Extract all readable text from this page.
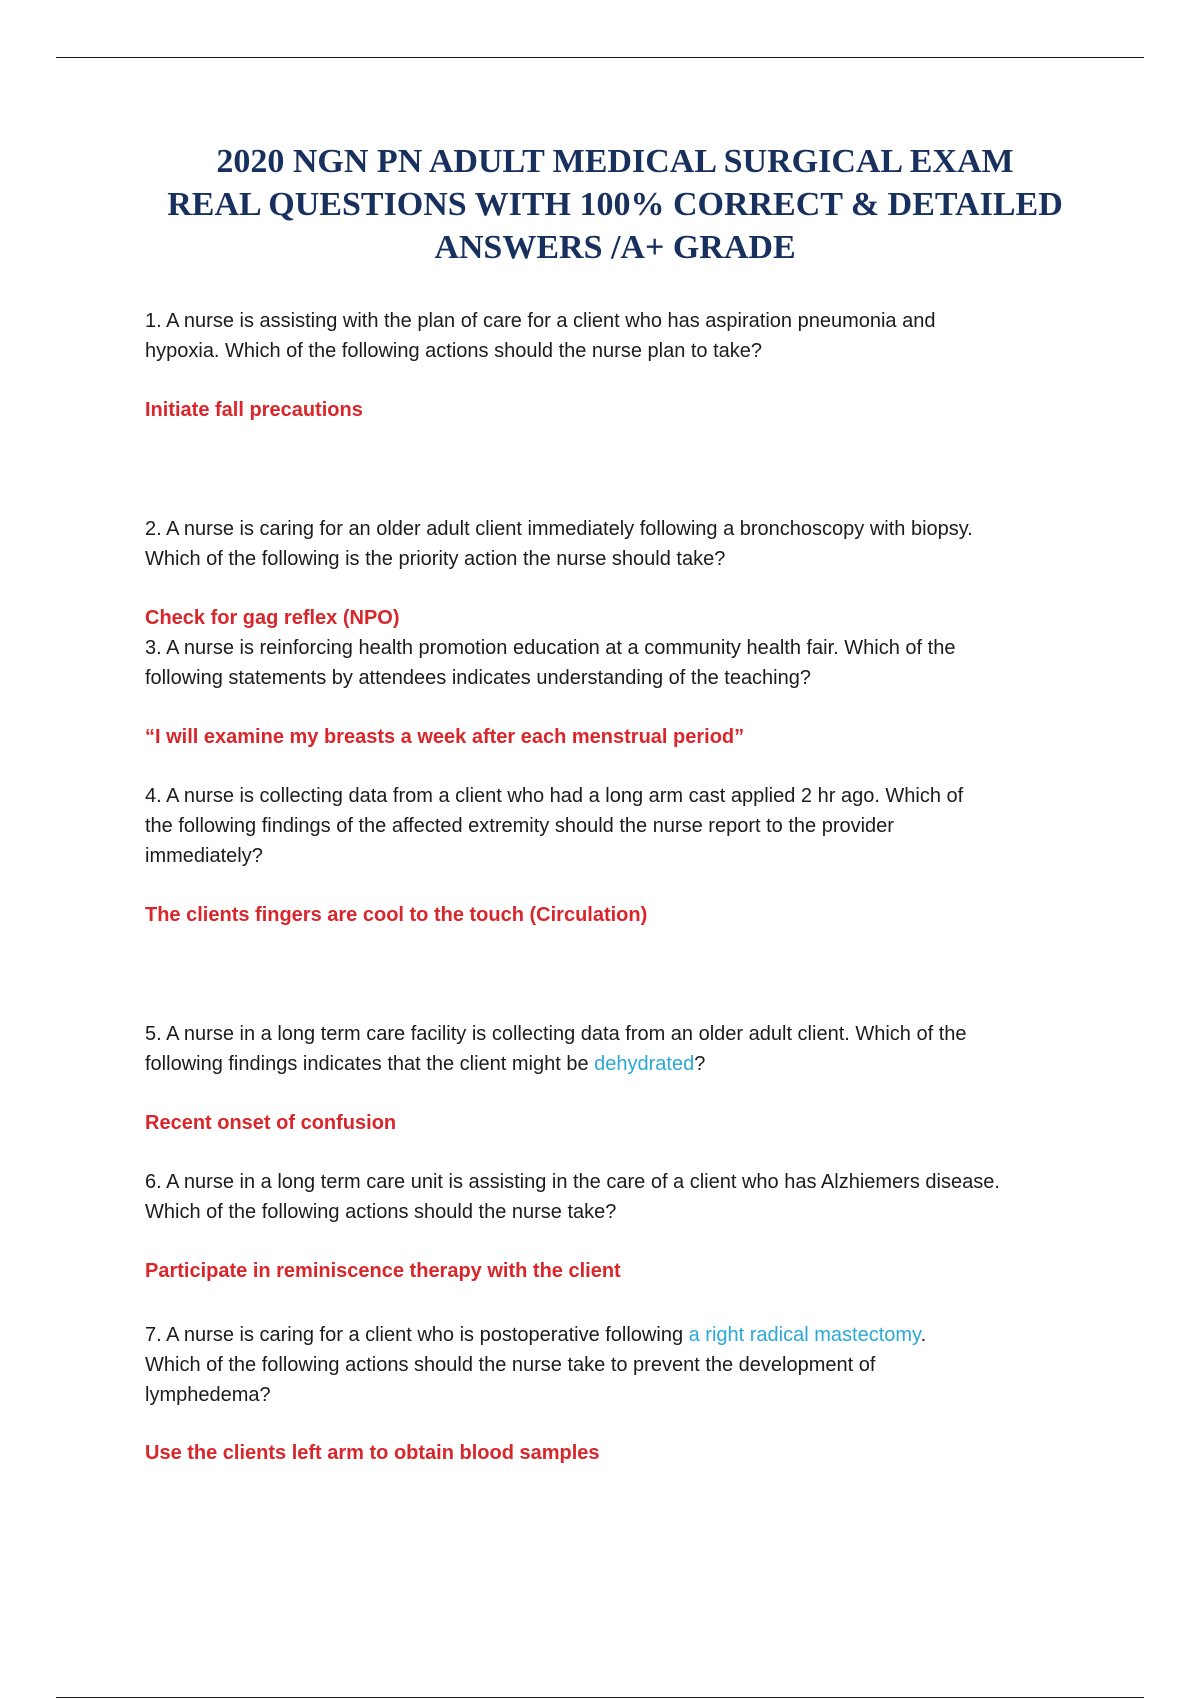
2020 NGN PN ADULT MEDICAL SURGICAL EXAM
REAL QUESTIONS WITH 100% CORRECT & DETAILED
ANSWERS /A+ GRADE
1. A nurse is assisting with the plan of care for a client who has aspiration pneumonia and
hypoxia. Which of the following actions should the nurse plan to take?
Initiate fall precautions
2. A nurse is caring for an older adult client immediately following a bronchoscopy with biopsy.
Which of the following is the priority action the nurse should take?
Check for gag reflex (NPO)
3. A nurse is reinforcing health promotion education at a community health fair. Which of the
following statements by attendees indicates understanding of the teaching?
“I will examine my breasts a week after each menstrual period”
4. A nurse is collecting data from a client who had a long arm cast applied 2 hr ago. Which of
the following findings of the affected extremity should the nurse report to the provider
immediately?
The clients fingers are cool to the touch (Circulation)
5. A nurse in a long term care facility is collecting data from an older adult client. Which of the
following findings indicates that the client might be dehydrated?
Recent onset of confusion
6. A nurse in a long term care unit is assisting in the care of a client who has Alzhiemers disease.
Which of the following actions should the nurse take?
Participate in reminiscence therapy with the client
7. A nurse is caring for a client who is postoperative following a right radical mastectomy.
Which of the following actions should the nurse take to prevent the development of
lymphedema?
Use the clients left arm to obtain blood samples
